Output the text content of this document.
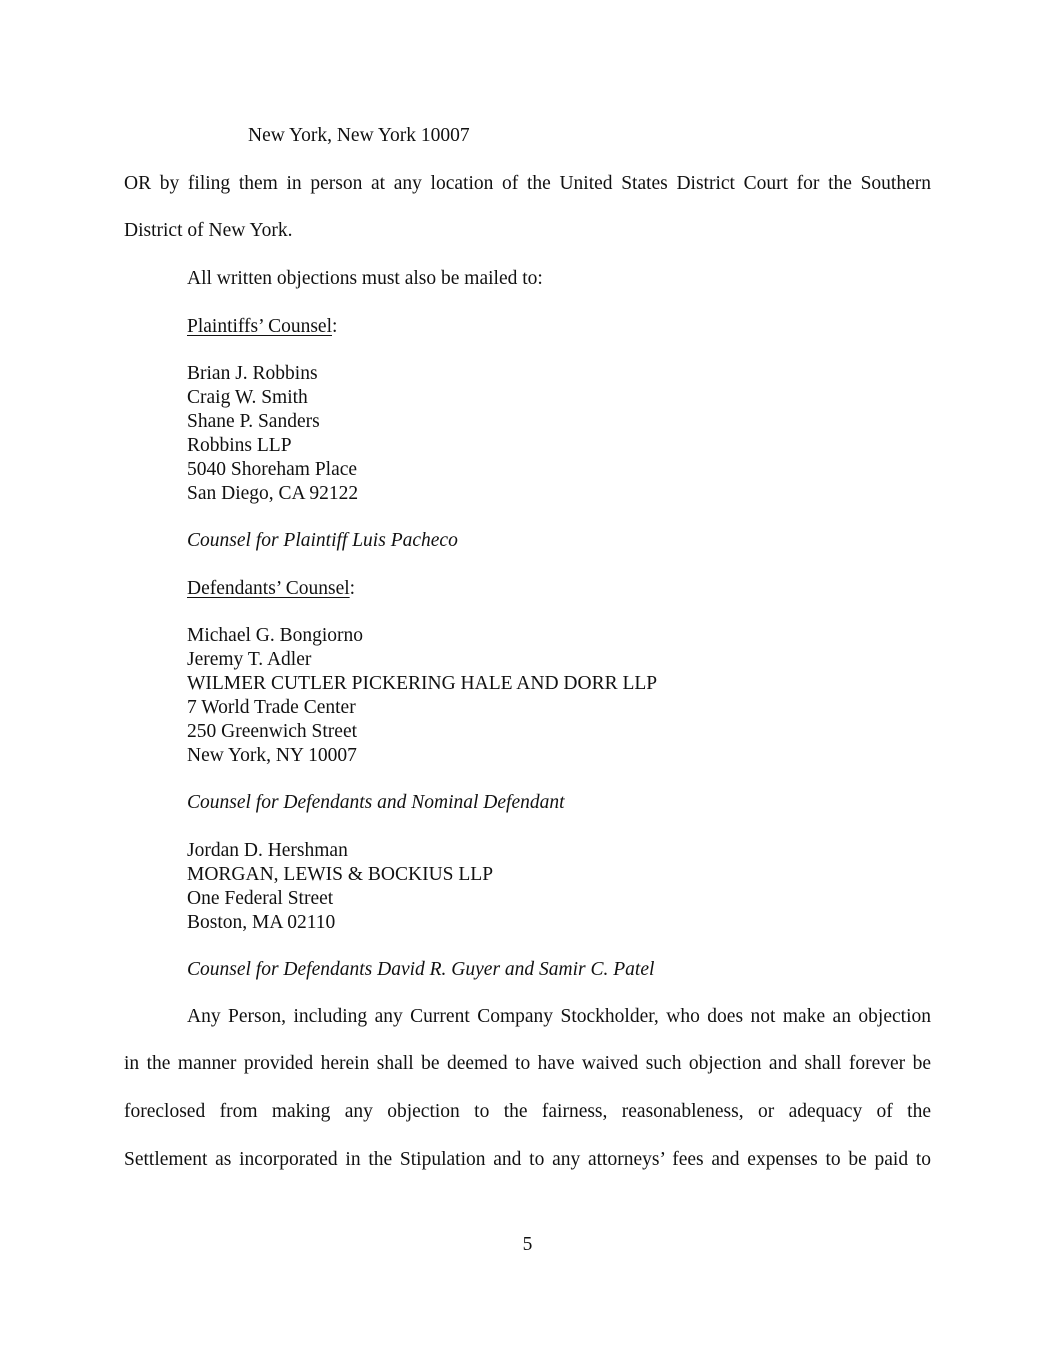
New York, New York 10007
OR by filing them in person at any location of the United States District Court for the Southern
District of New York.
All written objections must also be mailed to:
Plaintiffs’ Counsel:
Brian J. Robbins
Craig W. Smith
Shane P. Sanders
Robbins LLP
5040 Shoreham Place
San Diego, CA 92122
Counsel for Plaintiff Luis Pacheco
Defendants’ Counsel:
Michael G. Bongiorno
Jeremy T. Adler
WILMER CUTLER PICKERING HALE AND DORR LLP
7 World Trade Center
250 Greenwich Street
New York, NY 10007
Counsel for Defendants and Nominal Defendant
Jordan D. Hershman
MORGAN, LEWIS & BOCKIUS LLP
One Federal Street
Boston, MA 02110
Counsel for Defendants David R. Guyer and Samir C. Patel
Any Person, including any Current Company Stockholder, who does not make an objection
in the manner provided herein shall be deemed to have waived such objection and shall forever be
foreclosed from making any objection to the fairness, reasonableness, or adequacy of the
Settlement as incorporated in the Stipulation and to any attorneys’ fees and expenses to be paid to
5
